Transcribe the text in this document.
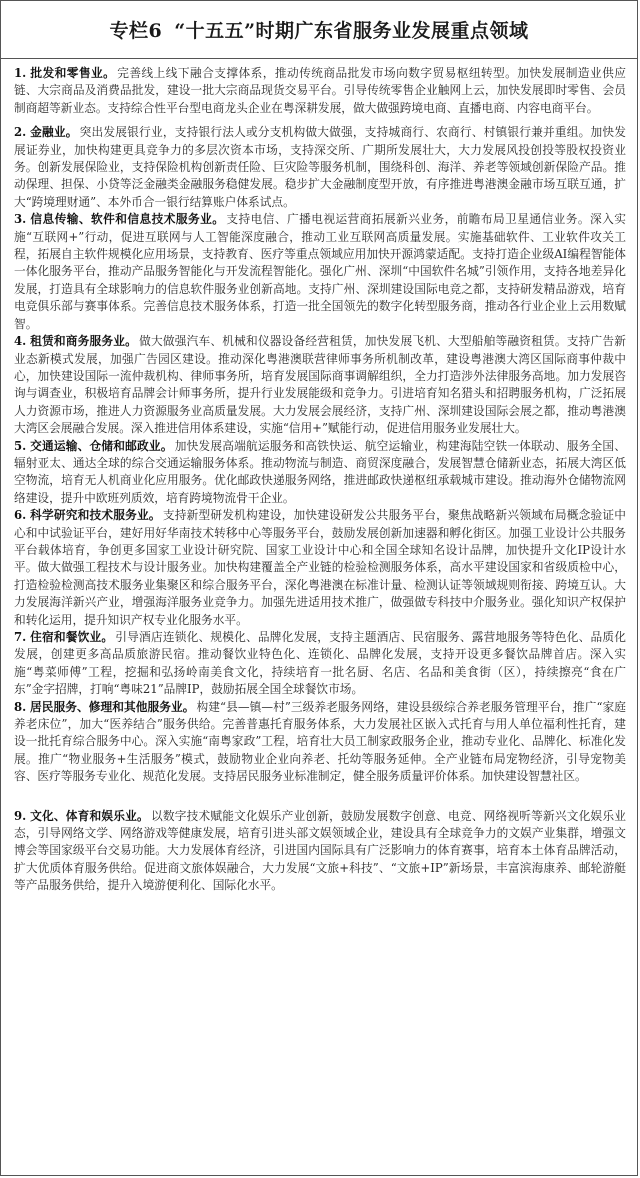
专栏6 “十五五”时期广东省服务业发展重点领域
1. 批发和零售业。 完善线上线下融合支撑体系，推动传统商品批发市场向数字贸易枢纽转型。加快发展制造业供应链、大宗商品及消费品批发，建设一批大宗商品现货交易平台。引导传统零售企业触网上云，加快发展即时零售、会员制商超等新业态。支持综合性平台型电商龙头企业在粤深耕发展，做大做强跨境电商、直播电商、内容电商平台。
2. 金融业。 突出发展银行业，支持银行法人或分支机构做大做强，支持城商行、农商行、村镇银行兼并重组。加快发展证券业，加快构建更具竞争力的多层次资本市场，支持深交所、广期所发展壮大，大力发展风投创投等股权投资业务。创新发展保险业，支持保险机构创新责任险、巨灾险等服务机制，围绕科创、海洋、养老等领域创新保险产品。推动保理、担保、小贷等泛金融类金融服务稳健发展。稳步扩大金融制度型开放，有序推进粤港澳金融市场互联互通，扩大“跨境理财通”、本外币合一银行结算账户体系试点。
3. 信息传输、软件和信息技术服务业。 支持电信、广播电视运营商拓展新兴业务，前瞻布局卫星通信业务。深入实施“互联网+”行动，促进互联网与人工智能深度融合，推动工业互联网高质量发展。实施基础软件、工业软件攻关工程，拓展自主软件规模化应用场景，支持教育、医疗等重点领域应用加快开源鸿蒙适配。支持打造企业级AI编程智能体一体化服务平台，推动产品服务智能化与开发流程智能化。强化广州、深圳“中国软件名城”引领作用，支持各地差异化发展，打造具有全球影响力的信息软件服务业创新高地。支持广州、深圳建设国际电竞之都，支持研发精品游戏，培育电竞俱乐部与赛事体系。完善信息技术服务体系，打造一批全国领先的数字化转型服务商，推动各行业企业上云用数赋智。
4. 租赁和商务服务业。 做大做强汽车、机械和仪器设备经营租赁，加快发展飞机、大型船舶等融资租赁。支持广告新业态新模式发展，加强广告园区建设。推动深化粤港澳联营律师事务所机制改革，建设粤港澳大湾区国际商事仲裁中心，加快建设国际一流仲裁机构、律师事务所，培育发展国际商事调解组织，全力打造涉外法律服务高地。加力发展咨询与调查业，积极培育品牌会计师事务所，提升行业发展能级和竞争力。引进培育知名猎头和招聘服务机构，广泛拓展人力资源市场，推进人力资源服务业高质量发展。大力发展会展经济，支持广州、深圳建设国际会展之都，推动粤港澳大湾区会展融合发展。深入推进信用体系建设，实施“信用+”赋能行动，促进信用服务业发展壮大。
5. 交通运输、仓储和邮政业。 加快发展高端航运服务和高铁快运、航空运输业，构建海陆空铁一体联动、服务全国、辐射亚太、通达全球的综合交通运输服务体系。推动物流与制造、商贸深度融合，发展智慧仓储新业态，拓展大湾区低空物流，培育无人机商业化应用服务。优化邮政快递服务网络，推进邮政快递枢纽承载城市建设。推动海外仓储物流网络建设，提升中欧班列质效，培育跨境物流骨干企业。
6. 科学研究和技术服务业。 支持新型研发机构建设，加快建设研发公共服务平台，聚焦战略新兴领域布局概念验证中心和中试验证平台，建好用好华南技术转移中心等服务平台，鼓励发展创新加速器和孵化街区。加强工业设计公共服务平台载体培育，争创更多国家工业设计研究院、国家工业设计中心和全国全球知名设计品牌，加快提升文化IP设计水平。做大做强工程技术与设计服务业。加快构建覆盖全产业链的检验检测服务体系，高水平建设国家和省级质检中心，打造检验检测高技术服务业集聚区和综合服务平台，深化粤港澳在标准计量、检测认证等领域规则衔接、跨境互认。大力发展海洋新兴产业，增强海洋服务业竞争力。加强先进适用技术推广，做强做专科技中介服务业。强化知识产权保护和转化运用，提升知识产权专业化服务水平。
7. 住宿和餐饮业。 引导酒店连锁化、规模化、品牌化发展，支持主题酒店、民宿服务、露营地服务等特色化、品质化发展，创建更多高品质旅游民宿。推动餐饮业特色化、连锁化、品牌化发展，支持开设更多餐饮品牌首店。深入实施“粤菜师傅”工程，挖掘和弘扬岭南美食文化，持续培育一批名厨、名店、名品和美食街（区），持续擦亮“食在广东”金字招牌，打响“粤味21”品牌IP，鼓励拓展全国全球餐饮市场。
8. 居民服务、修理和其他服务业。 构建“县—镇—村”三级养老服务网络，建设县级综合养老服务管理平台，推广“家庭养老床位”，加大“医养结合”服务供给。完善普惠托育服务体系，大力发展社区嵌入式托育与用人单位福利性托育，建设一批托育综合服务中心。深入实施“南粤家政”工程，培育壮大员工制家政服务企业，推动专业化、品牌化、标准化发展。推广“物业服务+生活服务”模式，鼓励物业企业向养老、托幼等服务延伸。全产业链布局宠物经济，引导宠物美容、医疗等服务专业化、规范化发展。支持居民服务业标准制定，健全服务质量评价体系。加快建设智慧社区。
9. 文化、体育和娱乐业。 以数字技术赋能文化娱乐产业创新，鼓励发展数字创意、电竞、网络视听等新兴文化娱乐业态，引导网络文学、网络游戏等健康发展，培育引进头部文娱领域企业，建设具有全球竞争力的文娱产业集群，增强文博会等国家级平台交易功能。大力发展体育经济，引进国内国际具有广泛影响力的体育赛事，培育本土体育品牌活动，扩大优质体育服务供给。促进商文旅体娱融合，大力发展“文旅+科技”、“文旅+IP”新场景，丰富滨海康养、邮轮游艇等产品服务供给，提升入境游便利化、国际化水平。
